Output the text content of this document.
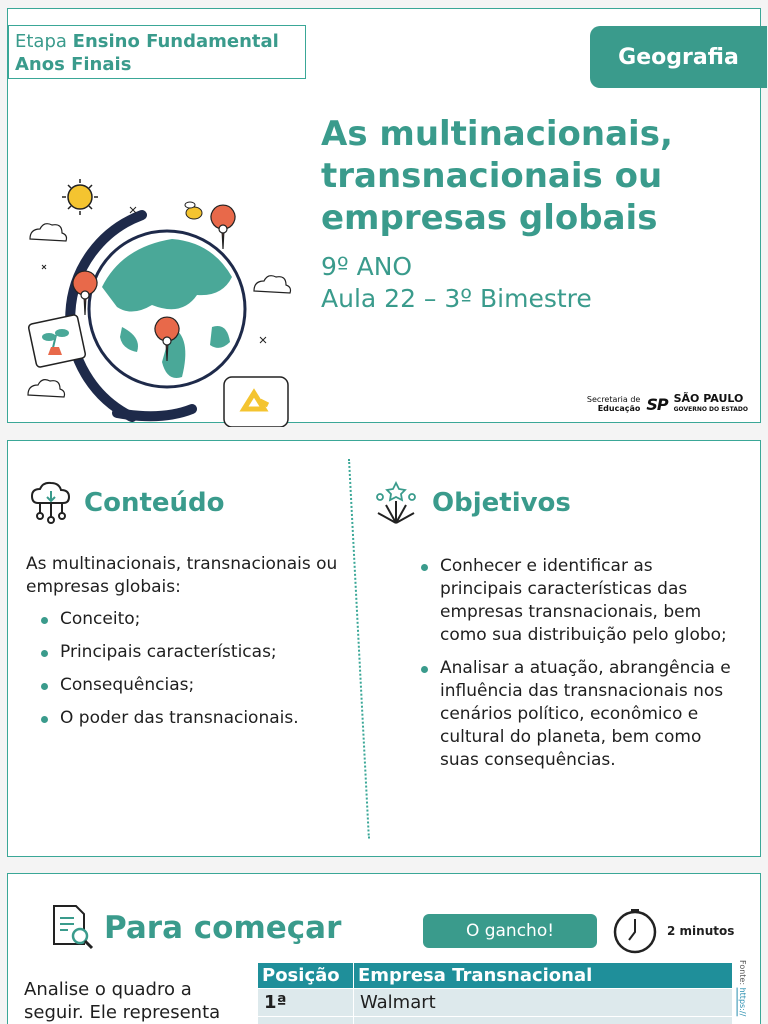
Etapa Ensino Fundamental
Anos Finais	Geografia
As multinacionais, transnacionais ou empresas globais
9º ANO
Aula 22 – 3º Bimestre
Secretaria de
Educação SP SÃO PAULO
GOVERNO DO ESTADO
Conteúdo	Objetivos
As multinacionais, transnacionais ou empresas globais:
Conceito;
Principais características;
Consequências;
O poder das transnacionais.
Conhecer e identificar as principais características das empresas transnacionais, bem como sua distribuição pelo globo;
Analisar a atuação, abrangência e influência das transnacionais nos cenários político, econômico e cultural do planeta, bem como suas consequências.
Para começar	O gancho!	2 minutos
Analise o quadro a seguir. Ele representa
Posição	Empresa Transnacional
1ª	Walmart

Fonte: https://
